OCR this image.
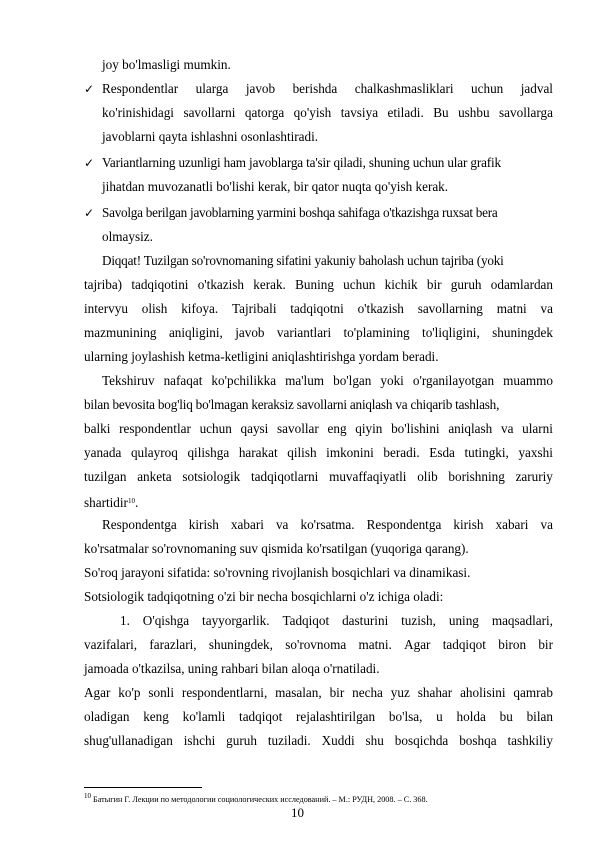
joy bo'lmasligi mumkin.
✓ Respondentlar ularga javob berishda chalkashmasliklari uchun jadval
ko'rinishidagi savollarni qatorga qo'yish tavsiya etiladi. Bu ushbu savollarga
javoblarni qayta ishlashni osonlashtiradi.
✓ Variantlarning uzunligi ham javoblarga ta'sir qiladi, shuning uchun ular grafik
jihatdan muvozanatli bo'lishi kerak, bir qator nuqta qo'yish kerak.
✓ Savolga berilgan javoblarning yarmini boshqa sahifaga o'tkazishga ruxsat bera
olmaysiz.
Diqqat! Tuzilgan so'rovnomaning sifatini yakuniy baholash uchun tajriba (yoki
tajriba) tadqiqotini o'tkazish kerak. Buning uchun kichik bir guruh odamlardan
intervyu olish kifoya. Tajribali tadqiqotni o'tkazish savollarning matni va
mazmunining aniqligini, javob variantlari to'plamining to'liqligini, shuningdek
ularning joylashish ketma-ketligini aniqlashtirishga yordam beradi.
Tekshiruv nafaqat ko'pchilikka ma'lum bo'lgan yoki o'rganilayotgan muammo
bilan bevosita bog'liq bo'lmagan keraksiz savollarni aniqlash va chiqarib tashlash,
balki respondentlar uchun qaysi savollar eng qiyin bo'lishini aniqlash va ularni
yanada qulayroq qilishga harakat qilish imkonini beradi. Esda tutingki, yaxshi
tuzilgan anketa sotsiologik tadqiqotlarni muvaffaqiyatli olib borishning zaruriy
shartidir$^{10}$.
Respondentga kirish xabari va ko'rsatma. Respondentga kirish xabari va
ko'rsatmalar so'rovnomaning suv qismida ko'rsatilgan (yuqoriga qarang).
So'roq jarayoni sifatida: so'rovning rivojlanish bosqichlari va dinamikasi.
Sotsiologik tadqiqotning o'zi bir necha bosqichlarni o'z ichiga oladi:
1. O'qishga tayyorgarlik. Tadqiqot dasturini tuzish, uning maqsadlari,
vazifalari, farazlari, shuningdek, so'rovnoma matni. Agar tadqiqot biron bir
jamoada o'tkazilsa, uning rahbari bilan aloqa o'rnatiladi.
Agar ko'p sonli respondentlarni, masalan, bir necha yuz shahar aholisini qamrab
oladigan keng ko'lamli tadqiqot rejalashtirilgan bo'lsa, u holda bu bilan
shug'ullanadigan ishchi guruh tuziladi. Xuddi shu bosqichda boshqa tashkiliy
$^{10}$ Батыгин Г. Лекции по методологии социологических исследований. – М.: РУДН, 2008. – С. 368.
10
